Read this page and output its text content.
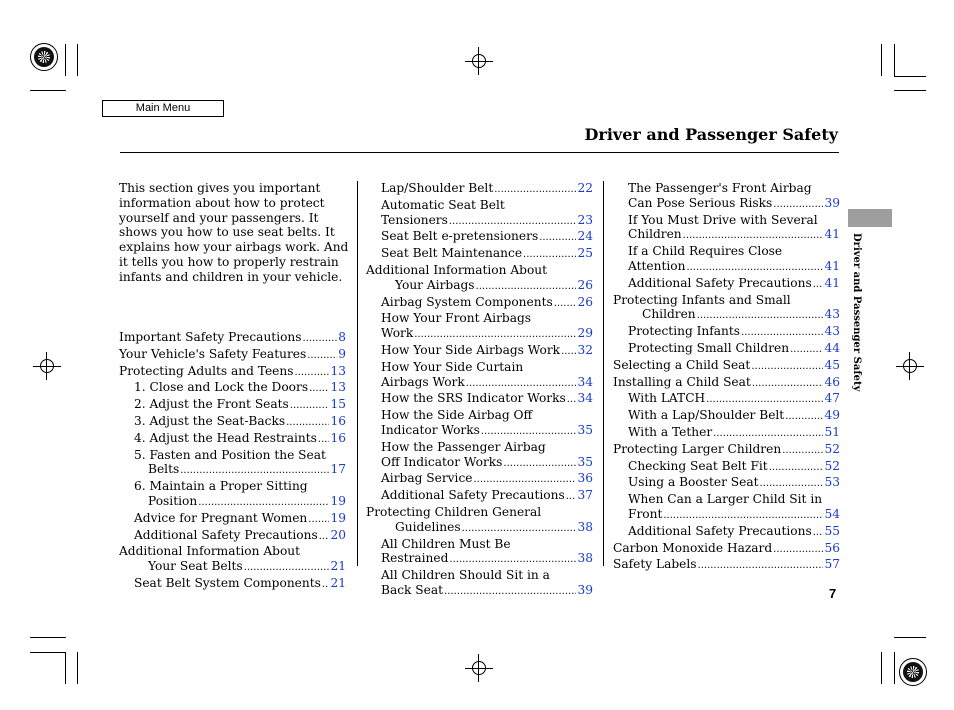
Main Menu
Driver and Passenger Safety
Driver and Passenger Safety

This section gives you important information about how to protect yourself and your passengers. It shows you how to use seat belts. It explains how your airbags work. And it tells you how to properly restrain infants and children in your vehicle.

Important Safety Precautions .....	8
Your Vehicle's Safety Features .....	9
Protecting Adults and Teens .....	13
1. Close and Lock the Doors ..... 13
2. Adjust the Front Seats .....	15
3. Adjust the Seat-Backs .....	16
4. Adjust the Head Restraints ..... 16
5. Fasten and Position the Seat
Belts .....	17
6. Maintain a Proper Sitting
Position .....	19
Advice for Pregnant Women ..... 19
Additional Safety Precautions ..... 20
Additional Information About
Your Seat Belts .....	21
Seat Belt System Components ..... 21
Lap/Shoulder Belt .....	22
Automatic Seat Belt
Tensioners .....	23
Seat Belt e-pretensioners .....	24
Seat Belt Maintenance .....	25
Additional Information About
Your Airbags .....	26
Airbag System Components ..... 26
How Your Front Airbags
Work .....	29
How Your Side Airbags Work ..... 32
How Your Side Curtain
Airbags Work .....	34
How the SRS Indicator Works ..... 34
How the Side Airbag Off
Indicator Works .....	35
How the Passenger Airbag
Off Indicator Works .....	35
Airbag Service .....	36
Additional Safety Precautions ..... 37
Protecting Children General
Guidelines .....	38
All Children Must Be
Restrained .....	38
All Children Should Sit in a
Back Seat .....	39
The Passenger's Front Airbag
Can Pose Serious Risks .....	39
If You Must Drive with Several
Children .....	41
If a Child Requires Close
Attention .....	41
Additional Safety Precautions ..... 41
Protecting Infants and Small
Children .....	43
Protecting Infants .....	43
Protecting Small Children .....	44
Selecting a Child Seat .....	45
Installing a Child Seat .....	46
With LATCH .....	47
With a Lap/Shoulder Belt .....	49
With a Tether .....	51
Protecting Larger Children .....	52
Checking Seat Belt Fit .....	52
Using a Booster Seat .....	53
When Can a Larger Child Sit in
Front .....	54
Additional Safety Precautions ..... 55
Carbon Monoxide Hazard .....	56
Safety Labels .....	57
7
